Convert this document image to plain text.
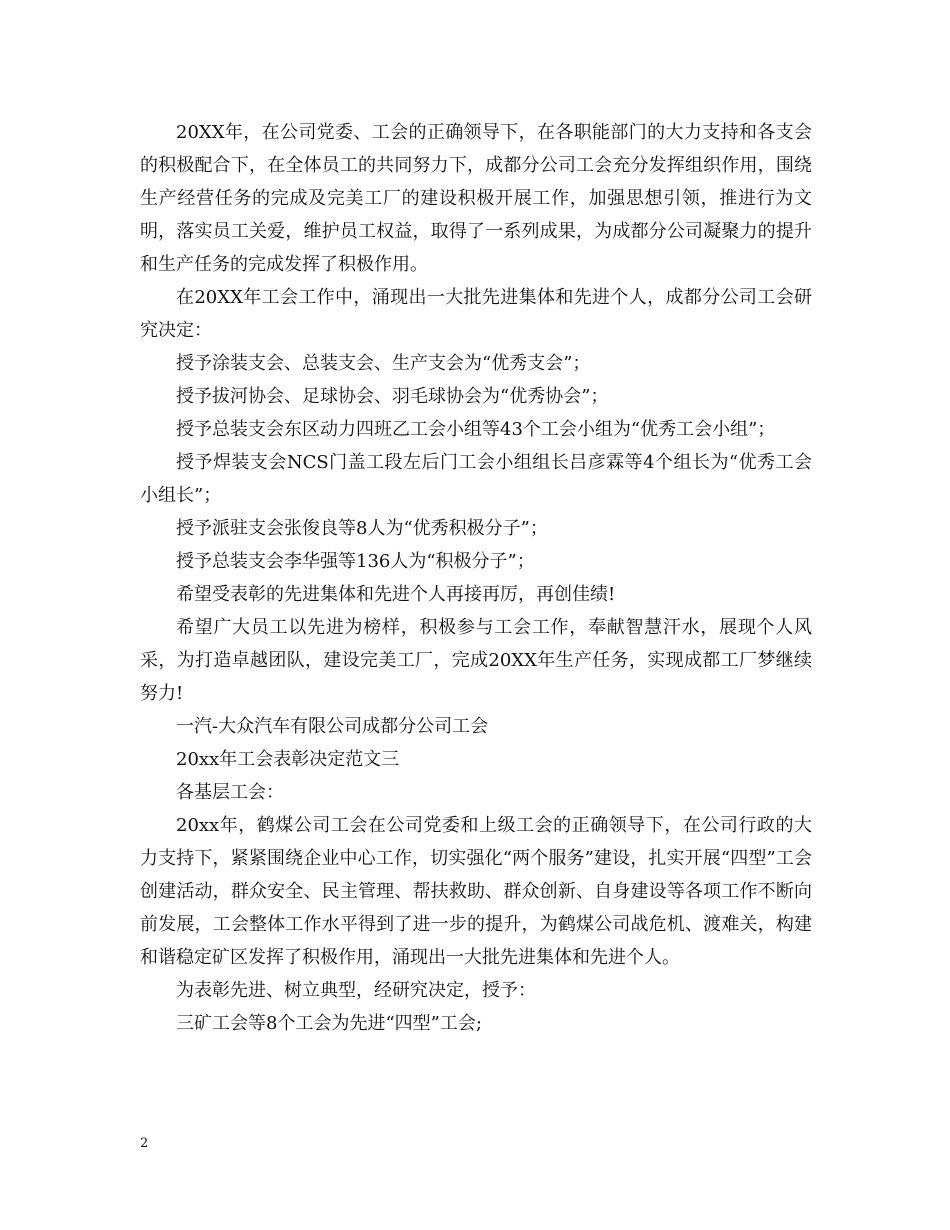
20XX年，在公司党委、工会的正确领导下，在各职能部门的大力支持和各支会的积极配合下，在全体员工的共同努力下，成都分公司工会充分发挥组织作用，围绕生产经营任务的完成及完美工厂的建设积极开展工作，加强思想引领，推进行为文明，落实员工关爱，维护员工权益，取得了一系列成果，为成都分公司凝聚力的提升和生产任务的完成发挥了积极作用。

在20XX年工会工作中，涌现出一大批先进集体和先进个人，成都分公司工会研究决定：

授予涂装支会、总装支会、生产支会为“优秀支会”；

授予拔河协会、足球协会、羽毛球协会为“优秀协会”；

授予总装支会东区动力四班乙工会小组等43个工会小组为“优秀工会小组”；

授予焊装支会NCS门盖工段左后门工会小组组长吕彦霖等4个组长为“优秀工会小组长”；

授予派驻支会张俊良等8人为“优秀积极分子”；

授予总装支会李华强等136人为“积极分子”；

希望受表彰的先进集体和先进个人再接再厉，再创佳绩!

希望广大员工以先进为榜样，积极参与工会工作，奉献智慧汗水，展现个人风采，为打造卓越团队，建设完美工厂，完成20XX年生产任务，实现成都工厂梦继续努力!

一汽-大众汽车有限公司成都分公司工会

20xx年工会表彰决定范文三

各基层工会：

20xx年，鹤煤公司工会在公司党委和上级工会的正确领导下，在公司行政的大力支持下，紧紧围绕企业中心工作，切实强化“两个服务”建设，扎实开展“四型”工会创建活动，群众安全、民主管理、帮扶救助、群众创新、自身建设等各项工作不断向前发展，工会整体工作水平得到了进一步的提升，为鹤煤公司战危机、渡难关，构建和谐稳定矿区发挥了积极作用，涌现出一大批先进集体和先进个人。

为表彰先进、树立典型，经研究决定，授予：

三矿工会等8个工会为先进“四型”工会;

2
